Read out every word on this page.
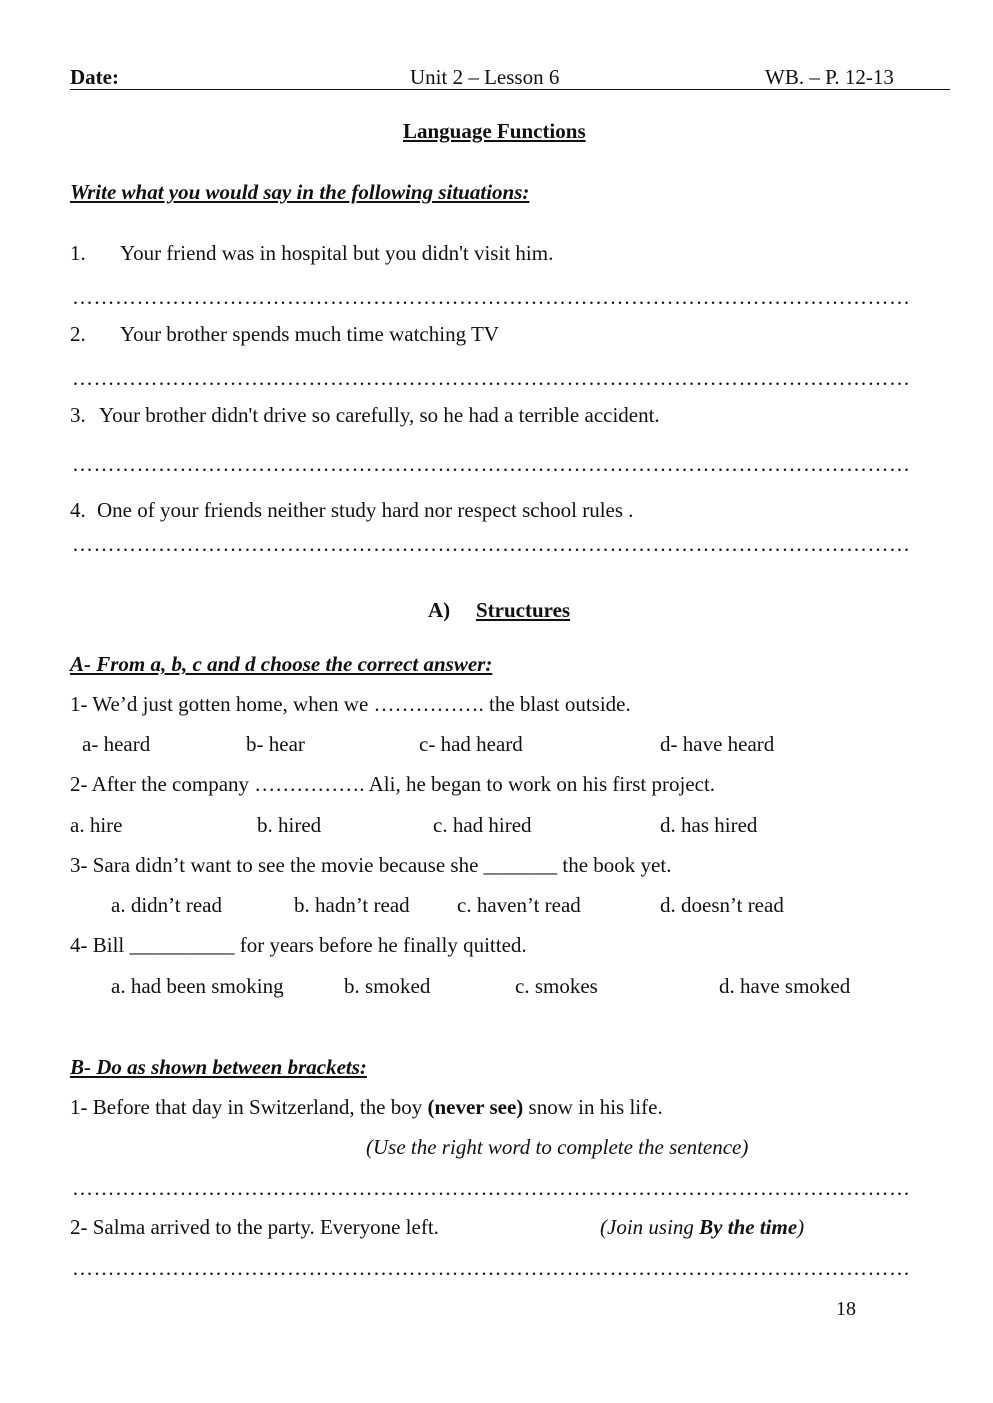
Date:	Unit 2 – Lesson 6	WB. – P. 12-13
Language Functions
Write what you would say in the following situations:
1. Your friend was in hospital but you didn't visit him.
………………………………………………………………………………………………………
2. Your brother spends much time watching TV
………………………………………………………………………………………………………
3. Your brother didn't drive so carefully, so he had a terrible accident.
………………………………………………………………………………………………………
4. One of your friends neither study hard nor respect school rules .
………………………………………………………………………………………………………
A) Structures
A- From a, b, c and d choose the correct answer:
1- We’d just gotten home, when we ……………. the blast outside.
a- heard	b- hear	c- had heard	d- have heard
2- After the company ……………. Ali, he began to work on his first project.
a. hire	b. hired	c. had hired	d. has hired
3- Sara didn’t want to see the movie because she _______ the book yet.
a. didn’t read	b. hadn’t read c. haven’t read	d. doesn’t read
4- Bill __________ for years before he finally quitted.
a. had been smoking	b. smoked	c. smokes	d. have smoked
B- Do as shown between brackets:
1- Before that day in Switzerland, the boy (never see) snow in his life.
(Use the right word to complete the sentence)
………………………………………………………………………………………………………
2- Salma arrived to the party. Everyone left.	(Join using By the time)
………………………………………………………………………………………………………
18
